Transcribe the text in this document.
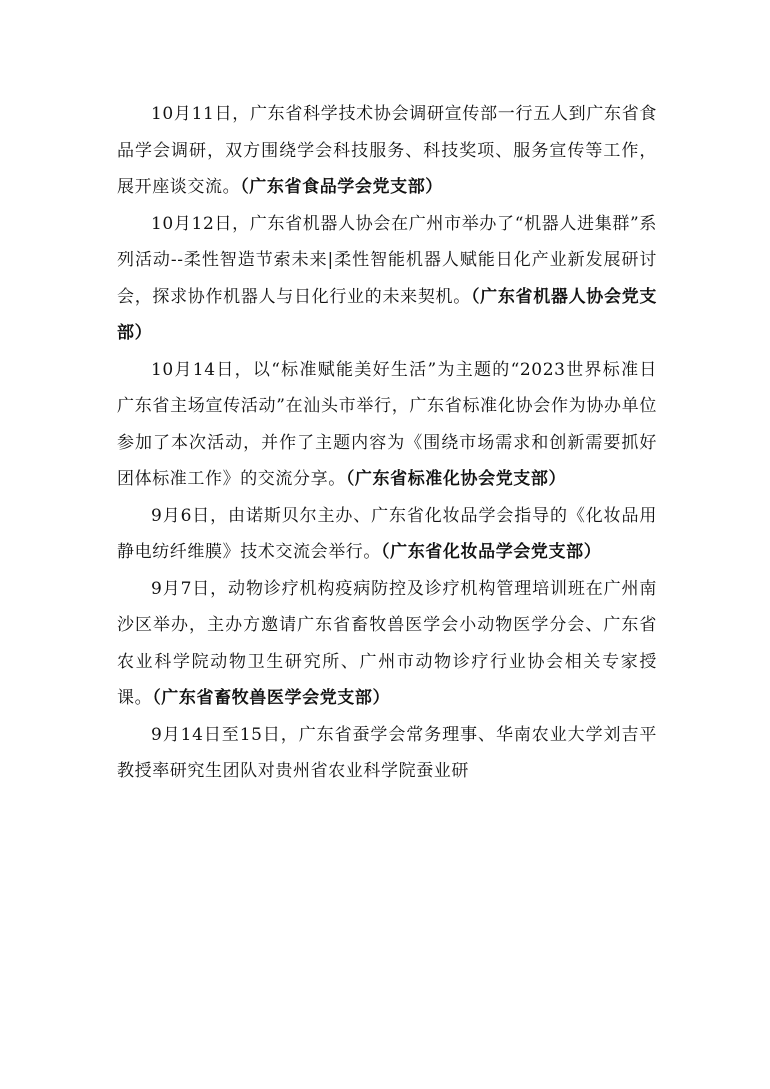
10月11日，广东省科学技术协会调研宣传部一行五人到广东省食品学会调研，双方围绕学会科技服务、科技奖项、服务宣传等工作，展开座谈交流。（广东省食品学会党支部）

10月12日，广东省机器人协会在广州市举办了“机器人进集群”系列活动--柔性智造节索未来|柔性智能机器人赋能日化产业新发展研讨会，探求协作机器人与日化行业的未来契机。（广东省机器人协会党支部）

10月14日，以“标准赋能美好生活”为主题的“2023世界标准日广东省主场宣传活动”在汕头市举行，广东省标准化协会作为协办单位参加了本次活动，并作了主题内容为《围绕市场需求和创新需要抓好团体标准工作》的交流分享。（广东省标准化协会党支部）

9月6日，由诺斯贝尔主办、广东省化妆品学会指导的《化妆品用静电纺纤维膜》技术交流会举行。（广东省化妆品学会党支部）

9月7日，动物诊疗机构疫病防控及诊疗机构管理培训班在广州南沙区举办，主办方邀请广东省畜牧兽医学会小动物医学分会、广东省农业科学院动物卫生研究所、广州市动物诊疗行业协会相关专家授课。（广东省畜牧兽医学会党支部）

9月14日至15日，广东省蚕学会常务理事、华南农业大学刘吉平教授率研究生团队对贵州省农业科学院蚕业研
